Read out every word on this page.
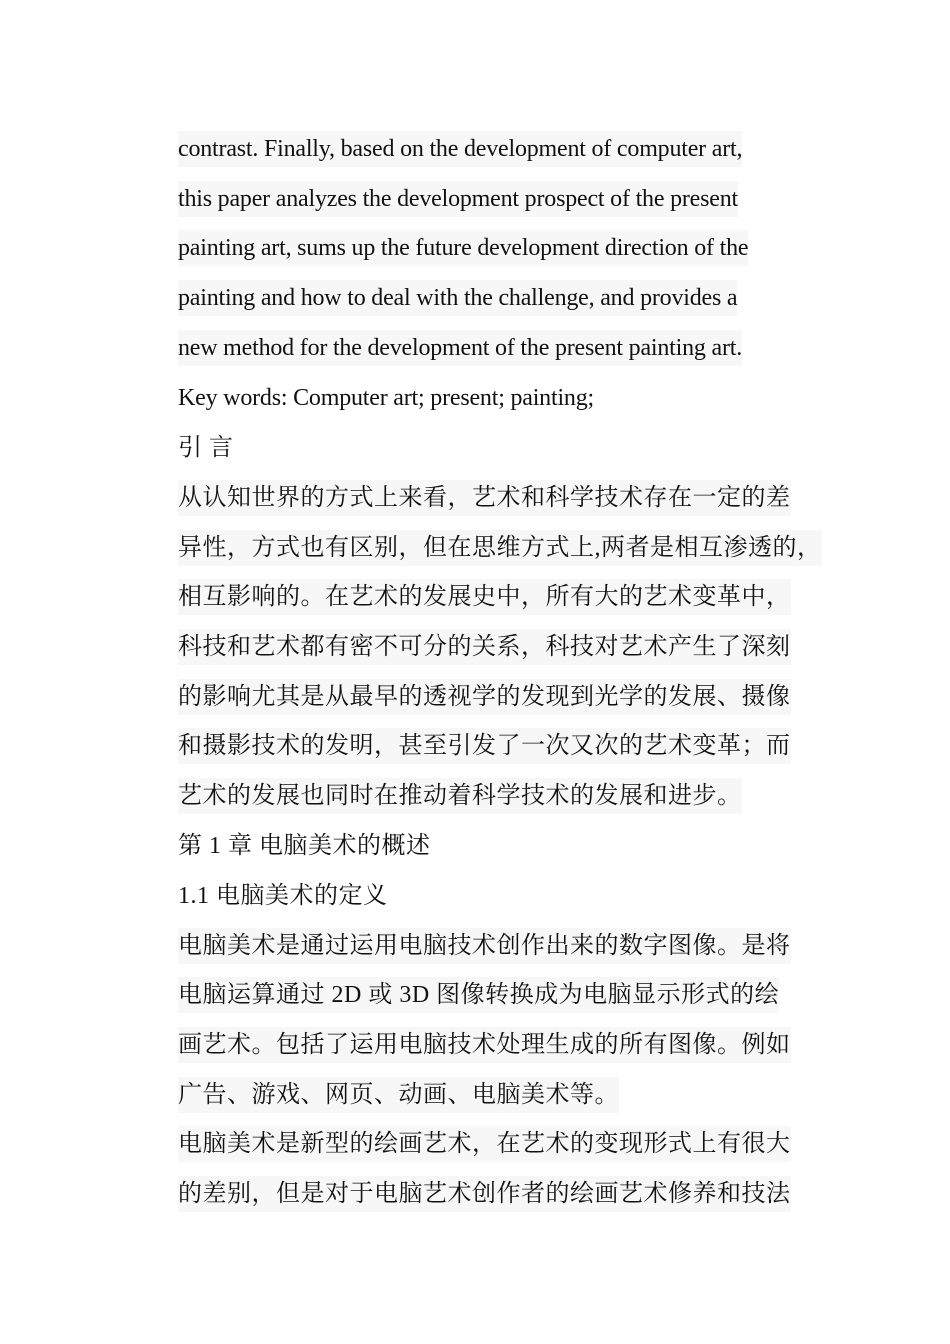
contrast. Finally, based on the development of computer art,
this paper analyzes the development prospect of the present
painting art, sums up the future development direction of the
painting and how to deal with the challenge, and provides a
new method for the development of the present painting art.
Key words: Computer art; present; painting;
引 言
从认知世界的方式上来看，艺术和科学技术存在一定的差
异性，方式也有区别，但在思维方式上,两者是相互渗透的，
相互影响的。在艺术的发展史中，所有大的艺术变革中，
科技和艺术都有密不可分的关系，科技对艺术产生了深刻
的影响尤其是从最早的透视学的发现到光学的发展、摄像
和摄影技术的发明，甚至引发了一次又次的艺术变革；而
艺术的发展也同时在推动着科学技术的发展和进步。
第 1 章 电脑美术的概述
1.1 电脑美术的定义
电脑美术是通过运用电脑技术创作出来的数字图像。是将
电脑运算通过 2D 或 3D 图像转换成为电脑显示形式的绘
画艺术。包括了运用电脑技术处理生成的所有图像。例如
广告、游戏、网页、动画、电脑美术等。
电脑美术是新型的绘画艺术，在艺术的变现形式上有很大
的差别，但是对于电脑艺术创作者的绘画艺术修养和技法
